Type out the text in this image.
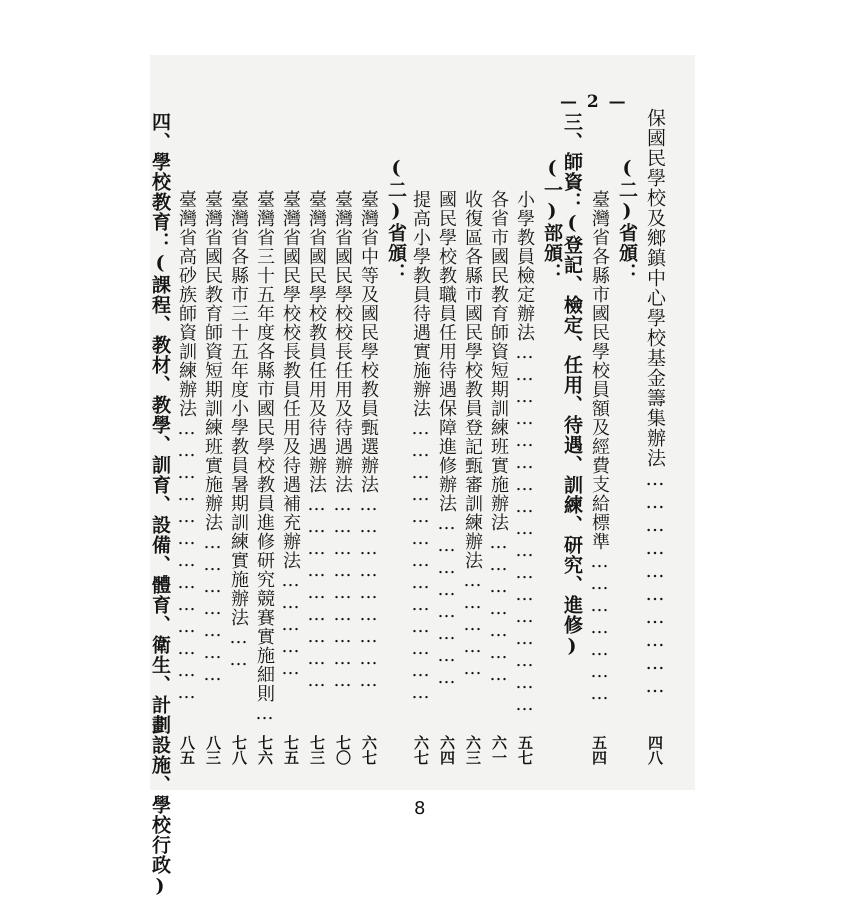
— 2 —
保國民學校及鄉鎮中心學校基金籌集辦法…………………………
四八
(二)省頒：
臺灣省各縣市國民學校員額及經費支給標準…………………
五四
三、師資：(登記、檢定、任用、待遇、訓練、研究、進修)
(一)部頒：
小學教員檢定辦法……………………………………………
五七
各省市國民教育師資短期訓練班實施辦法…………………
六一
收復區各縣市國民學校教員登記甄審訓練辦法……………
六三
國民學校教職員任用待遇保障進修辦法……………………
六四
提高小學教員待遇實施辦法…………………………………
六七
(二)省頒：
臺灣省中等及國民學校教員甄選辦法………………………
六七
臺灣省國民學校校長任用及待遇辦法………………………
七〇
臺灣省國民學校教員任用及待遇辦法………………………
七三
臺灣省國民學校校長教員任用及待遇補充辦法……………
七五
臺灣省三十五年度各縣市國民學校教員進修研究競賽實施細則…
七六
臺灣省各縣市三十五年度小學教員暑期訓練實施辦法……
七八
臺灣省國民教育師資短期訓練班實施辦法…………………
八三
臺灣省高砂族師資訓練辦法…………………………………
八五
四、學校教育：(課程、教材、教學、訓育、設備、體育、衛生、計劃設施、學校行政)	8
